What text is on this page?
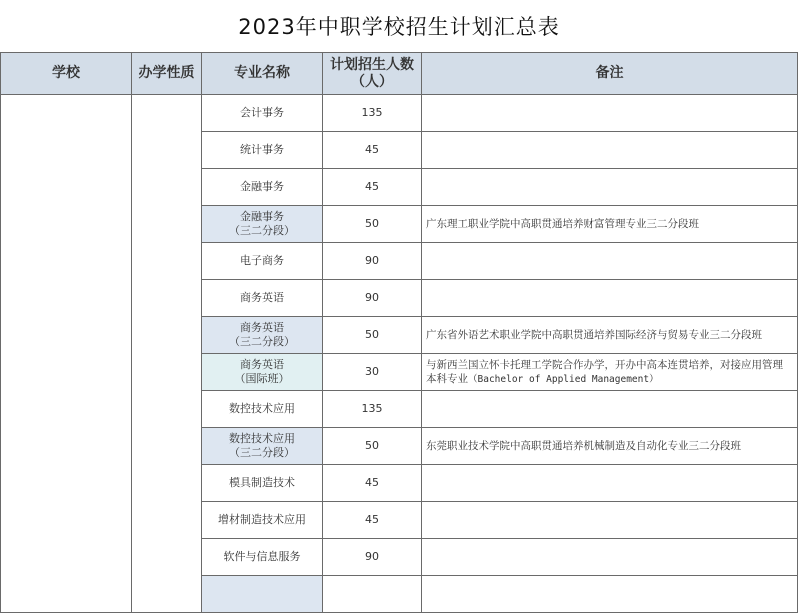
2023年中职学校招生计划汇总表
学校	办学性质	专业名称	计划招生人数
（人）	备注
		会计事务	135	
		统计事务	45	
		金融事务	45	

		金融事务
（三二分段）	50	广东理工职业学院中高职贯通培养财富管理专业三二分段班
		电子商务	90	
		商务英语	90	

		商务英语
（三二分段）	50	广东省外语艺术职业学院中高职贯通培养国际经济与贸易专业三二分段班

		商务英语
（国际班）	30	与新西兰国立怀卡托理工学院合作办学，开办中高本连贯培养，对接应用管理本科专业（Bachelor of Applied Management）
		数控技术应用	135	

		数控技术应用
（三二分段）	50	东莞职业技术学院中高职贯通培养机械制造及自动化专业三二分段班
		模具制造技术	45	
		增材制造技术应用	45	
		软件与信息服务	90	
